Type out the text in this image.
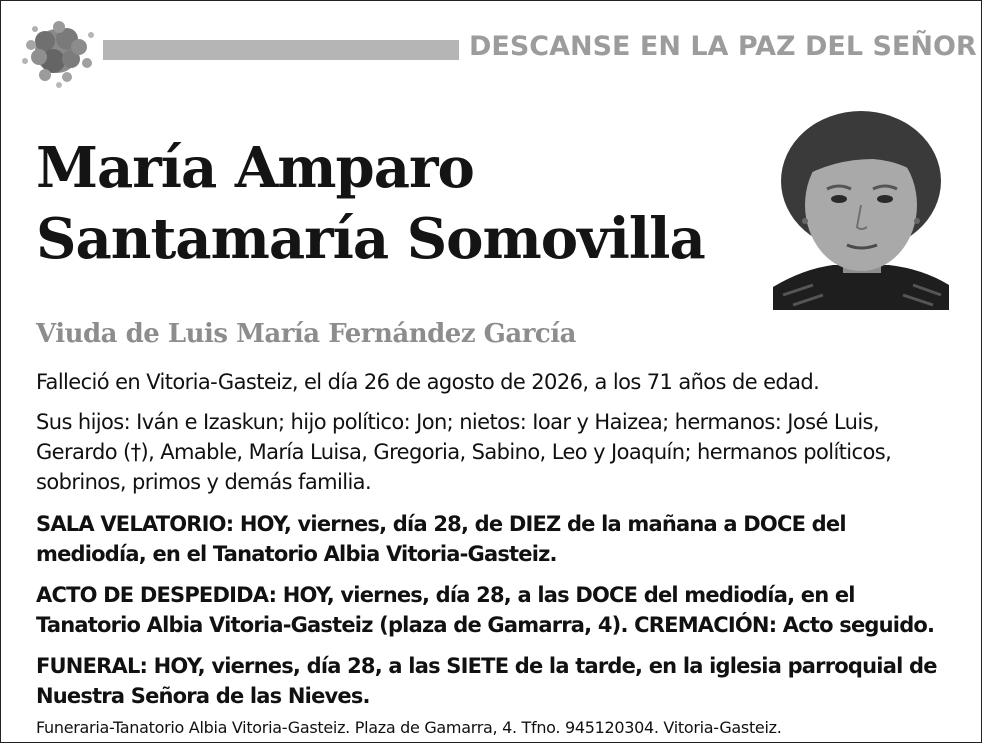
DESCANSE EN LA PAZ DEL SEÑOR
María Amparo
Santamaría Somovilla
Viuda de Luis María Fernández García
Falleció en Vitoria-Gasteiz, el día 26 de agosto de 2026, a los 71 años de edad.
Sus hijos: Iván e Izaskun; hijo político: Jon; nietos: Ioar y Haizea; hermanos: José Luis, Gerardo (†), Amable, María Luisa, Gregoria, Sabino, Leo y Joaquín; hermanos políticos, sobrinos, primos y demás familia.
SALA VELATORIO: HOY, viernes, día 28, de DIEZ de la mañana a DOCE del mediodía, en el Tanatorio Albia Vitoria-Gasteiz.
ACTO DE DESPEDIDA: HOY, viernes, día 28, a las DOCE del mediodía, en el Tanatorio Albia Vitoria-Gasteiz (plaza de Gamarra, 4). CREMACIÓN: Acto seguido.
FUNERAL: HOY, viernes, día 28, a las SIETE de la tarde, en la iglesia parroquial de Nuestra Señora de las Nieves.
Funeraria-Tanatorio Albia Vitoria-Gasteiz. Plaza de Gamarra, 4. Tfno. 945120304. Vitoria-Gasteiz.
